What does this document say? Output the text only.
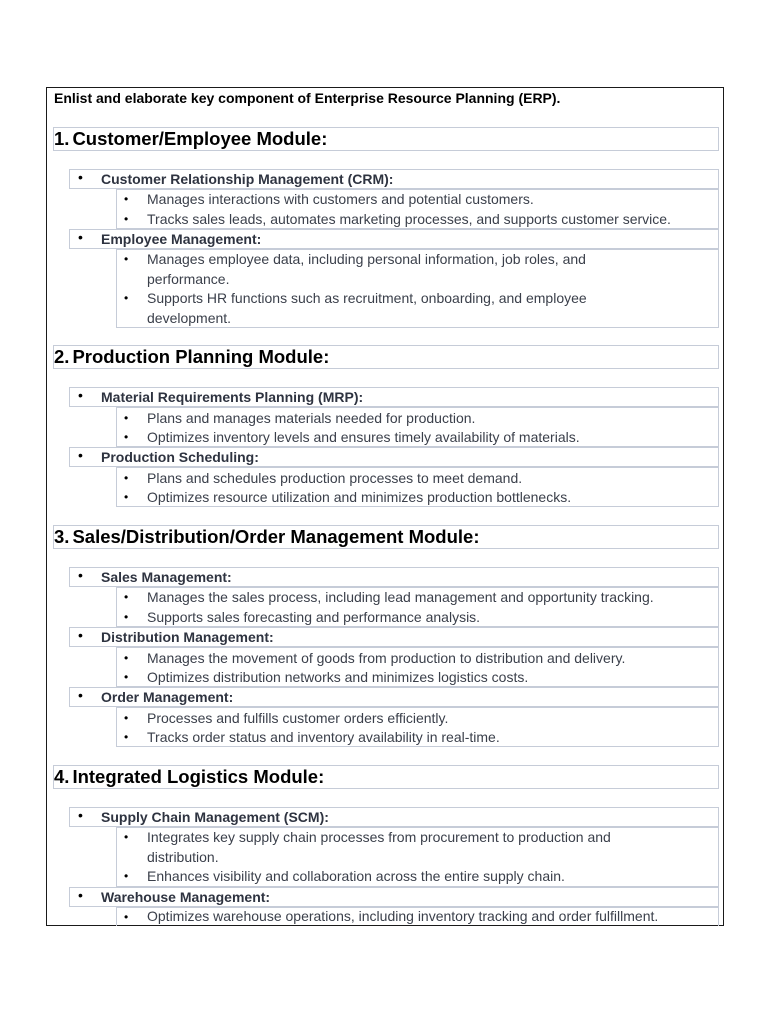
Enlist and elaborate key component of Enterprise Resource Planning (ERP).
1. Customer/Employee Module:
• Customer Relationship Management (CRM):
• Manages interactions with customers and potential customers.
• Tracks sales leads, automates marketing processes, and supports customer service.
• Employee Management:
• Manages employee data, including personal information, job roles, and
performance.
• Supports HR functions such as recruitment, onboarding, and employee
development.
2. Production Planning Module:
• Material Requirements Planning (MRP):
• Plans and manages materials needed for production.
• Optimizes inventory levels and ensures timely availability of materials.
• Production Scheduling:
• Plans and schedules production processes to meet demand.
• Optimizes resource utilization and minimizes production bottlenecks.
3. Sales/Distribution/Order Management Module:
• Sales Management:
• Manages the sales process, including lead management and opportunity tracking.
• Supports sales forecasting and performance analysis.
• Distribution Management:
• Manages the movement of goods from production to distribution and delivery.
• Optimizes distribution networks and minimizes logistics costs.
• Order Management:
• Processes and fulfills customer orders efficiently.
• Tracks order status and inventory availability in real-time.
4. Integrated Logistics Module:
• Supply Chain Management (SCM):
• Integrates key supply chain processes from procurement to production and
distribution.
• Enhances visibility and collaboration across the entire supply chain.
• Warehouse Management:
• Optimizes warehouse operations, including inventory tracking and order fulfillment.
